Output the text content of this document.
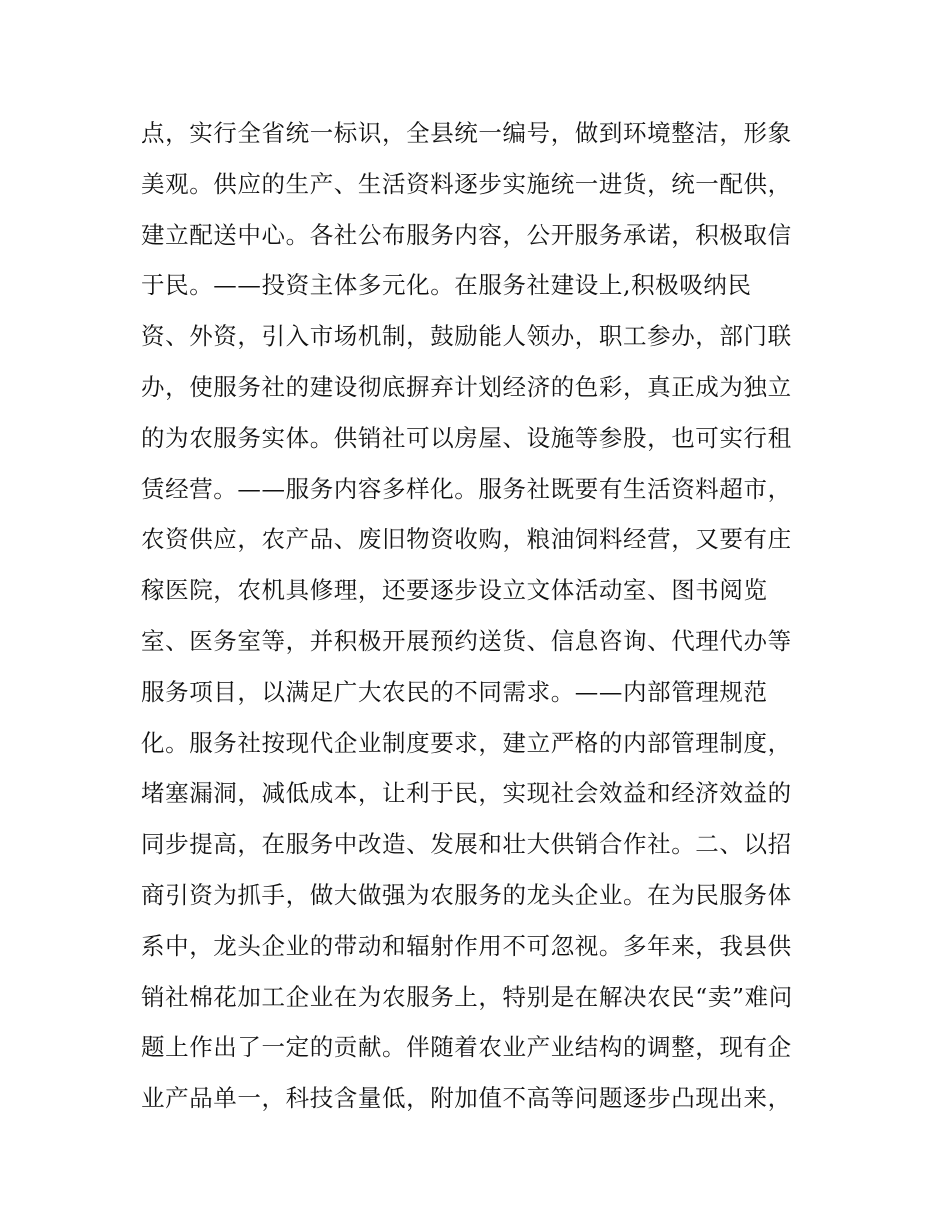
点，实行全省统一标识，全县统一编号，做到环境整洁，形象
美观。供应的生产、生活资料逐步实施统一进货，统一配供，
建立配送中心。各社公布服务内容，公开服务承诺，积极取信
于民。——投资主体多元化。在服务社建设上,积极吸纳民
资、外资，引入市场机制，鼓励能人领办，职工参办，部门联
办，使服务社的建设彻底摒弃计划经济的色彩，真正成为独立
的为农服务实体。供销社可以房屋、设施等参股，也可实行租
赁经营。——服务内容多样化。服务社既要有生活资料超市，
农资供应，农产品、废旧物资收购，粮油饲料经营，又要有庄
稼医院，农机具修理，还要逐步设立文体活动室、图书阅览
室、医务室等，并积极开展预约送货、信息咨询、代理代办等
服务项目，以满足广大农民的不同需求。——内部管理规范
化。服务社按现代企业制度要求，建立严格的内部管理制度，
堵塞漏洞，减低成本，让利于民，实现社会效益和经济效益的
同步提高，在服务中改造、发展和壮大供销合作社。二、以招
商引资为抓手，做大做强为农服务的龙头企业。在为民服务体
系中，龙头企业的带动和辐射作用不可忽视。多年来，我县供
销社棉花加工企业在为农服务上，特别是在解决农民“卖”难问
题上作出了一定的贡献。伴随着农业产业结构的调整，现有企
业产品单一，科技含量低，附加值不高等问题逐步凸现出来，
